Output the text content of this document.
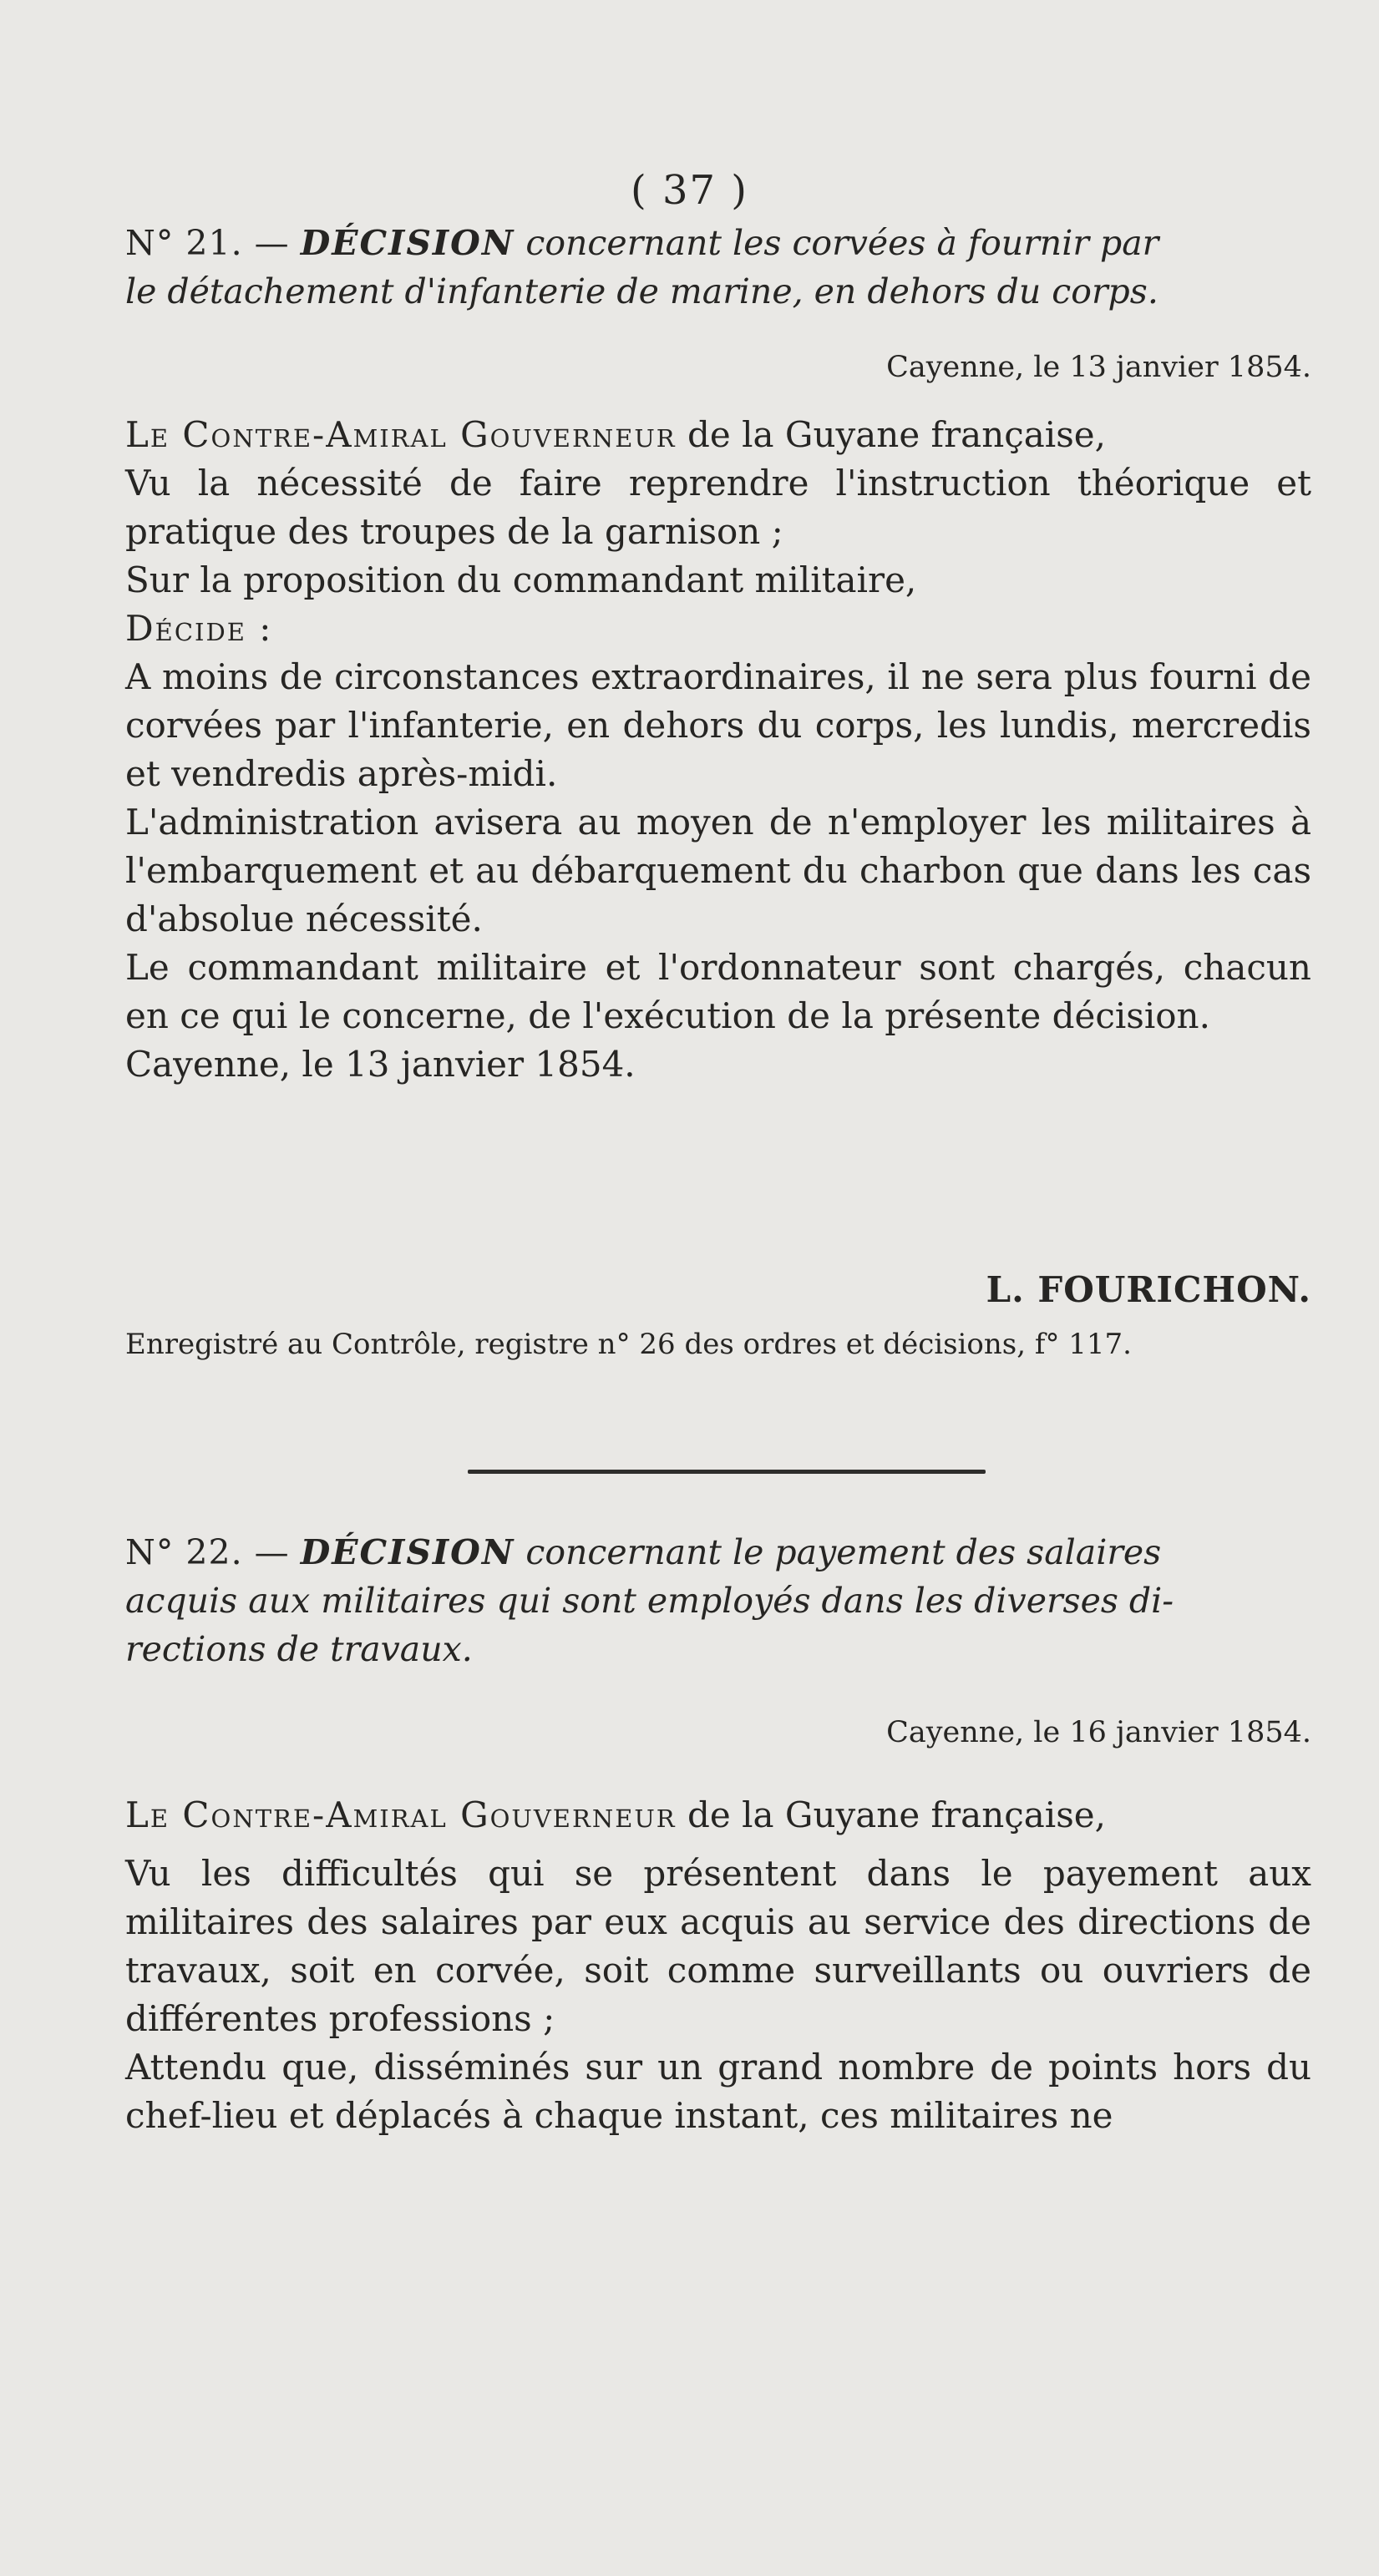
( 37 )

N° 21. — DÉCISION concernant les corvées à fournir par

le détachement d'infanterie de marine, en dehors du corps.

Cayenne, le 13 janvier 1854.

Le Contre-Amiral Gouverneur de la Guyane française,

Vu la nécessité de faire reprendre l'instruction théorique et pratique des troupes de la garnison ;

Sur la proposition du commandant militaire,

Décide :

A moins de circonstances extraordinaires, il ne sera plus fourni de corvées par l'infanterie, en dehors du corps, les lundis, mercredis et vendredis après-midi.

L'administration avisera au moyen de n'employer les militaires à l'embarquement et au débarquement du charbon que dans les cas d'absolue nécessité.

Le commandant militaire et l'ordonnateur sont chargés, chacun en ce qui le concerne, de l'exécution de la présente décision.

Cayenne, le 13 janvier 1854.

L. FOURICHON.

Enregistré au Contrôle, registre n° 26 des ordres et décisions, f° 117.

N° 22. — DÉCISION concernant le payement des salaires

acquis aux militaires qui sont employés dans les diverses di-

rections de travaux.

Cayenne, le 16 janvier 1854.

Le Contre-Amiral Gouverneur de la Guyane française,

Vu les difficultés qui se présentent dans le payement aux militaires des salaires par eux acquis au service des directions de travaux, soit en corvée, soit comme surveillants ou ouvriers de différentes professions ;

Attendu que, disséminés sur un grand nombre de points hors du chef-lieu et déplacés à chaque instant, ces militaires ne
